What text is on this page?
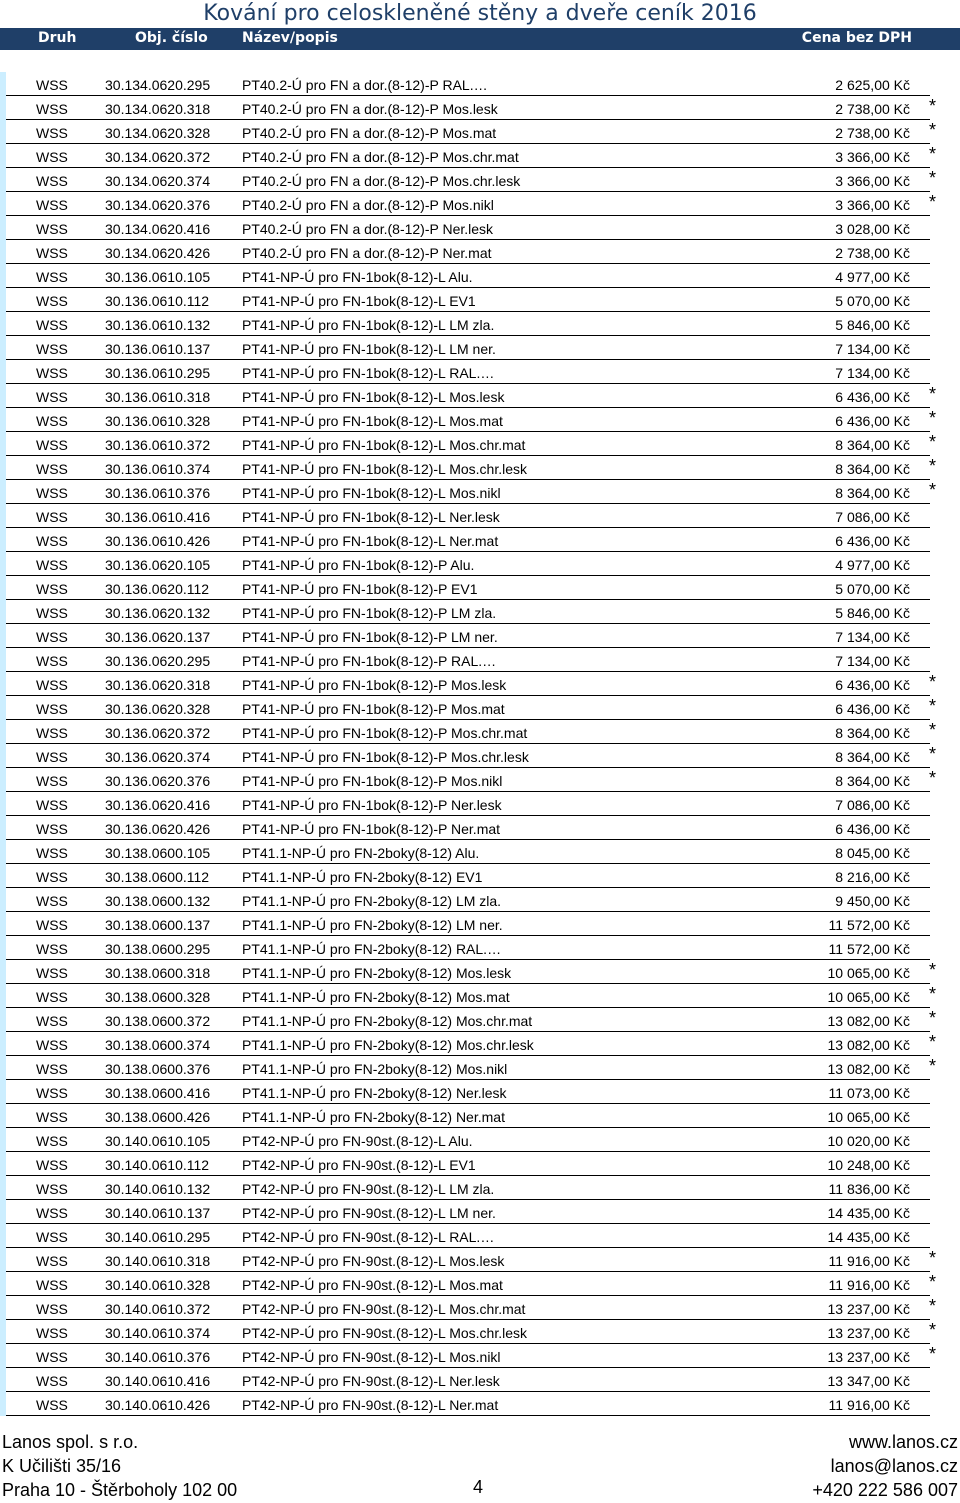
Kování pro celoskleněné stěny a dveře ceník 2016
Druh	Obj. číslo Název/popis	Cena bez DPH
WSS	30.134.0620.295 PT40.2-Ú pro FN a dor.(8-12)-P RAL.…	2 625,00 Kč
WSS	30.134.0620.318 PT40.2-Ú pro FN a dor.(8-12)-P Mos.lesk	2 738,00 Kč *
WSS	30.134.0620.328 PT40.2-Ú pro FN a dor.(8-12)-P Mos.mat	2 738,00 Kč *
WSS	30.134.0620.372 PT40.2-Ú pro FN a dor.(8-12)-P Mos.chr.mat	3 366,00 Kč *
WSS	30.134.0620.374 PT40.2-Ú pro FN a dor.(8-12)-P Mos.chr.lesk	3 366,00 Kč *
WSS	30.134.0620.376 PT40.2-Ú pro FN a dor.(8-12)-P Mos.nikl	3 366,00 Kč *
WSS	30.134.0620.416 PT40.2-Ú pro FN a dor.(8-12)-P Ner.lesk	3 028,00 Kč
WSS	30.134.0620.426 PT40.2-Ú pro FN a dor.(8-12)-P Ner.mat	2 738,00 Kč
WSS	30.136.0610.105 PT41-NP-Ú pro FN-1bok(8-12)-L Alu.	4 977,00 Kč
WSS	30.136.0610.112 PT41-NP-Ú pro FN-1bok(8-12)-L EV1	5 070,00 Kč
WSS	30.136.0610.132 PT41-NP-Ú pro FN-1bok(8-12)-L LM zla.	5 846,00 Kč
WSS	30.136.0610.137 PT41-NP-Ú pro FN-1bok(8-12)-L LM ner.	7 134,00 Kč
WSS	30.136.0610.295 PT41-NP-Ú pro FN-1bok(8-12)-L RAL.…	7 134,00 Kč
WSS	30.136.0610.318 PT41-NP-Ú pro FN-1bok(8-12)-L Mos.lesk	6 436,00 Kč *
WSS	30.136.0610.328 PT41-NP-Ú pro FN-1bok(8-12)-L Mos.mat	6 436,00 Kč *
WSS	30.136.0610.372 PT41-NP-Ú pro FN-1bok(8-12)-L Mos.chr.mat	8 364,00 Kč *
WSS	30.136.0610.374 PT41-NP-Ú pro FN-1bok(8-12)-L Mos.chr.lesk	8 364,00 Kč *
WSS	30.136.0610.376 PT41-NP-Ú pro FN-1bok(8-12)-L Mos.nikl	8 364,00 Kč *
WSS	30.136.0610.416 PT41-NP-Ú pro FN-1bok(8-12)-L Ner.lesk	7 086,00 Kč
WSS	30.136.0610.426 PT41-NP-Ú pro FN-1bok(8-12)-L Ner.mat	6 436,00 Kč
WSS	30.136.0620.105 PT41-NP-Ú pro FN-1bok(8-12)-P Alu.	4 977,00 Kč
WSS	30.136.0620.112 PT41-NP-Ú pro FN-1bok(8-12)-P EV1	5 070,00 Kč
WSS	30.136.0620.132 PT41-NP-Ú pro FN-1bok(8-12)-P LM zla.	5 846,00 Kč
WSS	30.136.0620.137 PT41-NP-Ú pro FN-1bok(8-12)-P LM ner.	7 134,00 Kč
WSS	30.136.0620.295 PT41-NP-Ú pro FN-1bok(8-12)-P RAL.…	7 134,00 Kč
WSS	30.136.0620.318 PT41-NP-Ú pro FN-1bok(8-12)-P Mos.lesk	6 436,00 Kč *
WSS	30.136.0620.328 PT41-NP-Ú pro FN-1bok(8-12)-P Mos.mat	6 436,00 Kč *
WSS	30.136.0620.372 PT41-NP-Ú pro FN-1bok(8-12)-P Mos.chr.mat	8 364,00 Kč *
WSS	30.136.0620.374 PT41-NP-Ú pro FN-1bok(8-12)-P Mos.chr.lesk	8 364,00 Kč *
WSS	30.136.0620.376 PT41-NP-Ú pro FN-1bok(8-12)-P Mos.nikl	8 364,00 Kč *
WSS	30.136.0620.416 PT41-NP-Ú pro FN-1bok(8-12)-P Ner.lesk	7 086,00 Kč
WSS	30.136.0620.426 PT41-NP-Ú pro FN-1bok(8-12)-P Ner.mat	6 436,00 Kč
WSS	30.138.0600.105 PT41.1-NP-Ú pro FN-2boky(8-12) Alu.	8 045,00 Kč
WSS	30.138.0600.112 PT41.1-NP-Ú pro FN-2boky(8-12) EV1	8 216,00 Kč
WSS	30.138.0600.132 PT41.1-NP-Ú pro FN-2boky(8-12) LM zla.	9 450,00 Kč
WSS	30.138.0600.137 PT41.1-NP-Ú pro FN-2boky(8-12) LM ner.	11 572,00 Kč
WSS	30.138.0600.295 PT41.1-NP-Ú pro FN-2boky(8-12) RAL.…	11 572,00 Kč
WSS	30.138.0600.318 PT41.1-NP-Ú pro FN-2boky(8-12) Mos.lesk	10 065,00 Kč *
WSS	30.138.0600.328 PT41.1-NP-Ú pro FN-2boky(8-12) Mos.mat	10 065,00 Kč *
WSS	30.138.0600.372 PT41.1-NP-Ú pro FN-2boky(8-12) Mos.chr.mat	13 082,00 Kč *
WSS	30.138.0600.374 PT41.1-NP-Ú pro FN-2boky(8-12) Mos.chr.lesk	13 082,00 Kč *
WSS	30.138.0600.376 PT41.1-NP-Ú pro FN-2boky(8-12) Mos.nikl	13 082,00 Kč *
WSS	30.138.0600.416 PT41.1-NP-Ú pro FN-2boky(8-12) Ner.lesk	11 073,00 Kč
WSS	30.138.0600.426 PT41.1-NP-Ú pro FN-2boky(8-12) Ner.mat	10 065,00 Kč
WSS	30.140.0610.105 PT42-NP-Ú pro FN-90st.(8-12)-L Alu.	10 020,00 Kč
WSS	30.140.0610.112 PT42-NP-Ú pro FN-90st.(8-12)-L EV1	10 248,00 Kč
WSS	30.140.0610.132 PT42-NP-Ú pro FN-90st.(8-12)-L LM zla.	11 836,00 Kč
WSS	30.140.0610.137 PT42-NP-Ú pro FN-90st.(8-12)-L LM ner.	14 435,00 Kč
WSS	30.140.0610.295 PT42-NP-Ú pro FN-90st.(8-12)-L RAL.…	14 435,00 Kč
WSS	30.140.0610.318 PT42-NP-Ú pro FN-90st.(8-12)-L Mos.lesk	11 916,00 Kč *
WSS	30.140.0610.328 PT42-NP-Ú pro FN-90st.(8-12)-L Mos.mat	11 916,00 Kč *
WSS	30.140.0610.372 PT42-NP-Ú pro FN-90st.(8-12)-L Mos.chr.mat	13 237,00 Kč *
WSS	30.140.0610.374 PT42-NP-Ú pro FN-90st.(8-12)-L Mos.chr.lesk	13 237,00 Kč *
WSS	30.140.0610.376 PT42-NP-Ú pro FN-90st.(8-12)-L Mos.nikl	13 237,00 Kč *
WSS	30.140.0610.416 PT42-NP-Ú pro FN-90st.(8-12)-L Ner.lesk	13 347,00 Kč
WSS	30.140.0610.426 PT42-NP-Ú pro FN-90st.(8-12)-L Ner.mat	11 916,00 Kč
Lanos spol. s r.o.
K Učilišti 35/16
Praha 10 - Štěrboholy 102 00	4
www.lanos.cz
lanos@lanos.cz
+420 222 586 007
